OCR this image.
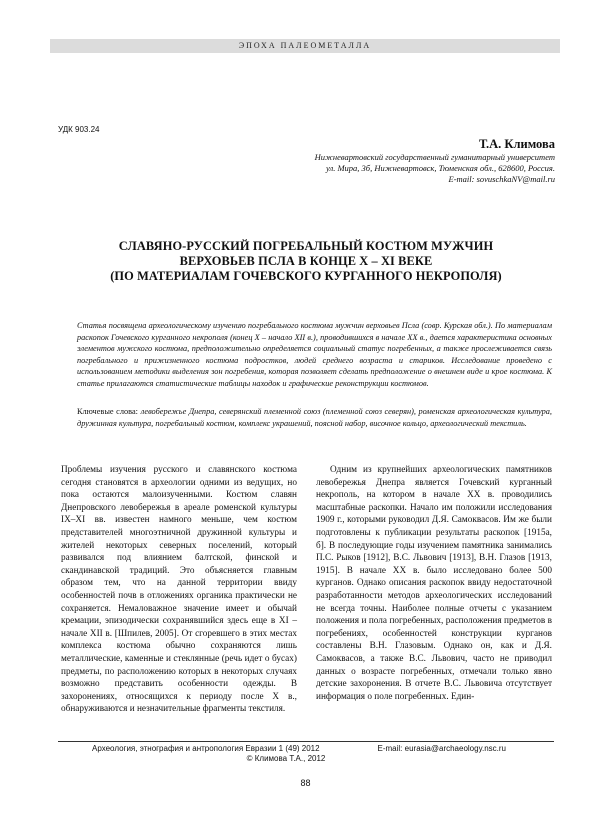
ЭПОХА ПАЛЕОМЕТАЛЛА
УДК 903.24
Т.А. Климова
Нижневартовский государственный гуманитарный университет
ул. Мира, 3б, Нижневартовск, Тюменская обл., 628600, Россия.
E-mail: sovuschkaNV@mail.ru
СЛАВЯНО-РУССКИЙ ПОГРЕБАЛЬНЫЙ КОСТЮМ МУЖЧИН
ВЕРХОВЬЕВ ПСЛА В КОНЦЕ X – XI ВЕКЕ
(ПО МАТЕРИАЛАМ ГОЧЕВСКОГО КУРГАННОГО НЕКРОПОЛЯ)
Статья посвящена археологическому изучению погребального костюма мужчин верховьев Псла (совр. Курская обл.). По материалам раскопок Гочевского курганного некрополя (конец X – начало XII в.), проводившихся в начале XX в., дается характеристика основных элементов мужского костюма, предположительно определяется социальный статус погребенных, а также прослеживается связь погребального и прижизненного костюма подростков, людей среднего возраста и стариков. Исследование проведено с использованием методики выделения зон погребения, которая позволяет сделать предположение о внешнем виде и крое костюма. К статье прилагаются статистические таблицы находок и графические реконструкции костюмов.
Ключевые слова: левобережье Днепра, северянский племенной союз (племенной союз северян), роменская археологическая культура, дружинная культура, погребальный костюм, комплекс украшений, поясной набор, височное кольцо, археологический текстиль.

Проблемы изучения русского и славянского костюма сегодня становятся в археологии одними из ведущих, но пока остаются малоизученными. Костюм славян Днепровского левобережья в ареале роменской культуры IX–XI вв. известен намного меньше, чем костюм представителей многоэтничной дружинной культуры и жителей некоторых северных поселений, который развивался под влиянием балтской, финской и скандинавской традиций. Это объясняется главным образом тем, что на данной территории ввиду особенностей почв в отложениях органика практически не сохраняется. Немаловажное значение имеет и обычай кремации, эпизодически сохранявшийся здесь еще в XI – начале XII в. [Шпилев, 2005]. От сгоревшего в этих местах комплекса костюма обычно сохраняются лишь металлические, каменные и стеклянные (речь идет о бусах) предметы, по расположению которых в некоторых случаях возможно представить особенности одежды. В захоронениях, относящихся к периоду после X в., обнаруживаются и незначительные фрагменты текстиля.

Одним из крупнейших археологических памятников левобережья Днепра является Гочевский курганный некрополь, на котором в начале XX в. проводились масштабные раскопки. Начало им положили исследования 1909 г., которыми руководил Д.Я. Самоквасов. Им же были подготовлены к публикации результаты раскопок [1915а, б]. В последующие годы изучением памятника занимались П.С. Рыков [1912], В.С. Львович [1913], В.Н. Глазов [1913, 1915]. В начале XX в. было исследовано более 500 курганов. Однако описания раскопок ввиду недостаточной разработанности методов археологических исследований не всегда точны. Наиболее полные отчеты с указанием положения и пола погребенных, расположения предметов в погребениях, особенностей конструкции курганов составлены В.Н. Глазовым. Однако он, как и Д.Я. Самоквасов, а также В.С. Львович, часто не приводил данных о возрасте погребенных, отмечали только явно детские захоронения. В отчете В.С. Львовича отсутствует информация о поле погребенных. Един-

Археология, этнография и антропология Евразии 1 (49) 2012	E-mail: eurasia@archaeology.nsc.ru
© Климова Т.А., 2012
88
